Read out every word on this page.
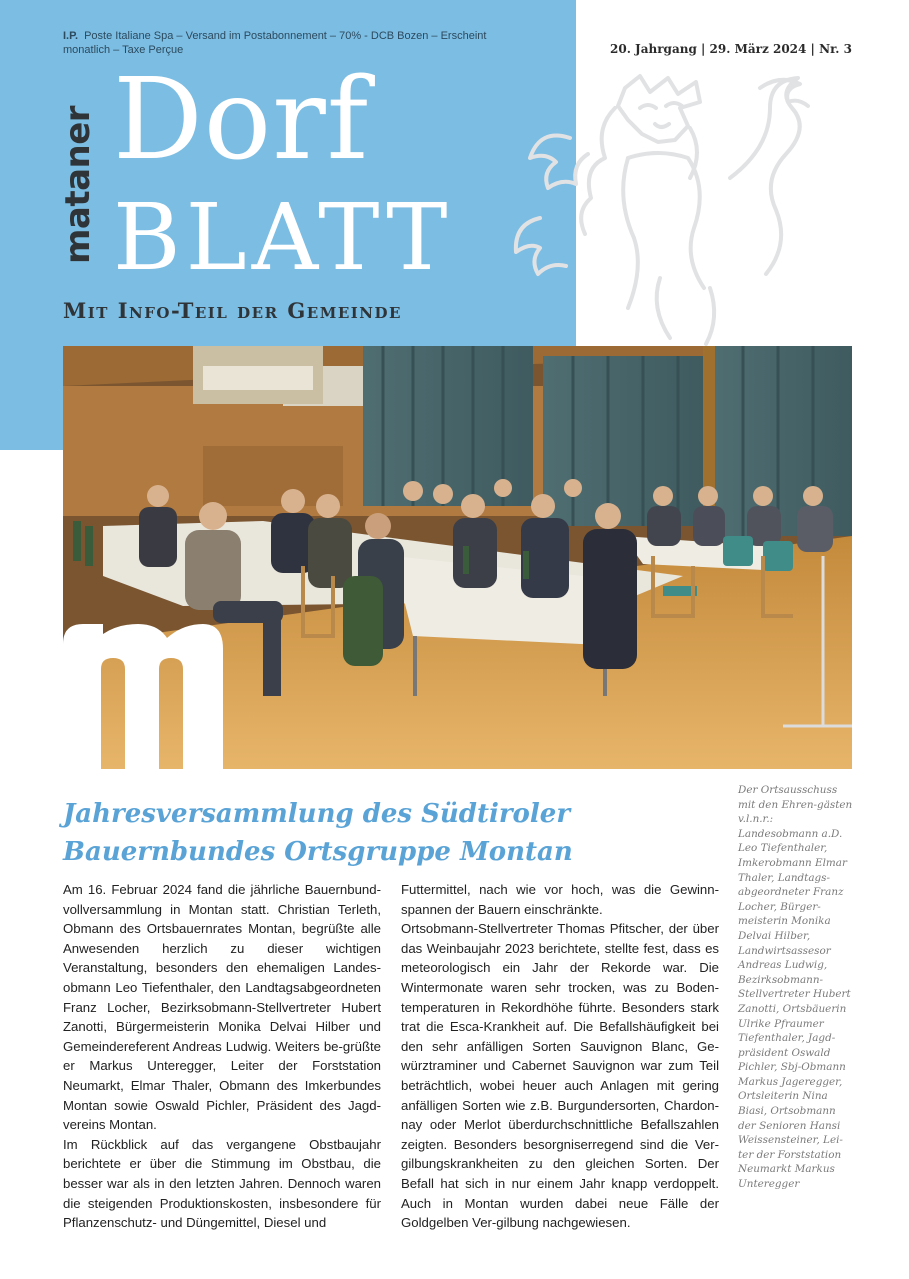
I.P. Poste Italiane Spa – Versand im Postabonnement – 70% - DCB Bozen – Erscheint monatlich – Taxe Perçue	20. Jahrgang | 29. März 2024 | Nr. 3
mataner Dorf
BLATT
Mit Info-Teil der Gemeinde
Der Ortsausschuss mit den Ehren-gästen v.l.n.r.: Landesobmann a.D. Leo Tiefenthaler, Imkerobmann Elmar Thaler, Landtags-abgeordneter Franz Locher, Bürger-meisterin Monika Delvai Hilber, Landwirtsassesor Andreas Ludwig, Bezirksobmann-Stellvertreter Hubert Zanotti, Ortsbäuerin Ulrike Pfraumer Tiefenthaler, Jagd-präsident Oswald Pichler, Sbj-Obmann Markus Jageregger, Ortsleiterin Nina Biasi, Ortsobmann der Senioren Hansi Weissensteiner, Lei-ter der Forststation Neumarkt Markus Unteregger
Jahresversammlung des Südtiroler
Bauernbundes Ortsgruppe Montan

Am 16. Februar 2024 fand die jährliche Bauernbund-vollversammlung in Montan statt. Christian Terleth, Obmann des Ortsbauernrates Montan, begrüßte alle Anwesenden herzlich zu dieser wichtigen Veranstaltung, besonders den ehemaligen Landes-obmann Leo Tiefenthaler, den Landtagsabgeordneten Franz Locher, Bezirksobmann-Stellvertreter Hubert Zanotti, Bürgermeisterin Monika Delvai Hilber und Gemeindereferent Andreas Ludwig. Weiters be-grüßte er Markus Unteregger, Leiter der Forststation Neumarkt, Elmar Thaler, Obmann des Imkerbundes Montan sowie Oswald Pichler, Präsident des Jagd-vereins Montan.

Im Rückblick auf das vergangene Obstbaujahr berichtete er über die Stimmung im Obstbau, die besser war als in den letzten Jahren. Dennoch waren die steigenden Produktionskosten, insbesondere für Pflanzenschutz- und Düngemittel, Diesel und

Futtermittel, nach wie vor hoch, was die Gewinn-spannen der Bauern einschränkte.

Ortsobmann-Stellvertreter Thomas Pfitscher, der über das Weinbaujahr 2023 berichtete, stellte fest, dass es meteorologisch ein Jahr der Rekorde war. Die Wintermonate waren sehr trocken, was zu Boden-temperaturen in Rekordhöhe führte. Besonders stark trat die Esca-Krankheit auf. Die Befallshäufigkeit bei den sehr anfälligen Sorten Sauvignon Blanc, Ge-würztraminer und Cabernet Sauvignon war zum Teil beträchtlich, wobei heuer auch Anlagen mit gering anfälligen Sorten wie z.B. Burgundersorten, Chardon-nay oder Merlot überdurchschnittliche Befallszahlen zeigten. Besonders besorgniserregend sind die Ver-gilbungskrankheiten zu den gleichen Sorten. Der Befall hat sich in nur einem Jahr knapp verdoppelt. Auch in Montan wurden dabei neue Fälle der Goldgelben Ver-gilbung nachgewiesen.
